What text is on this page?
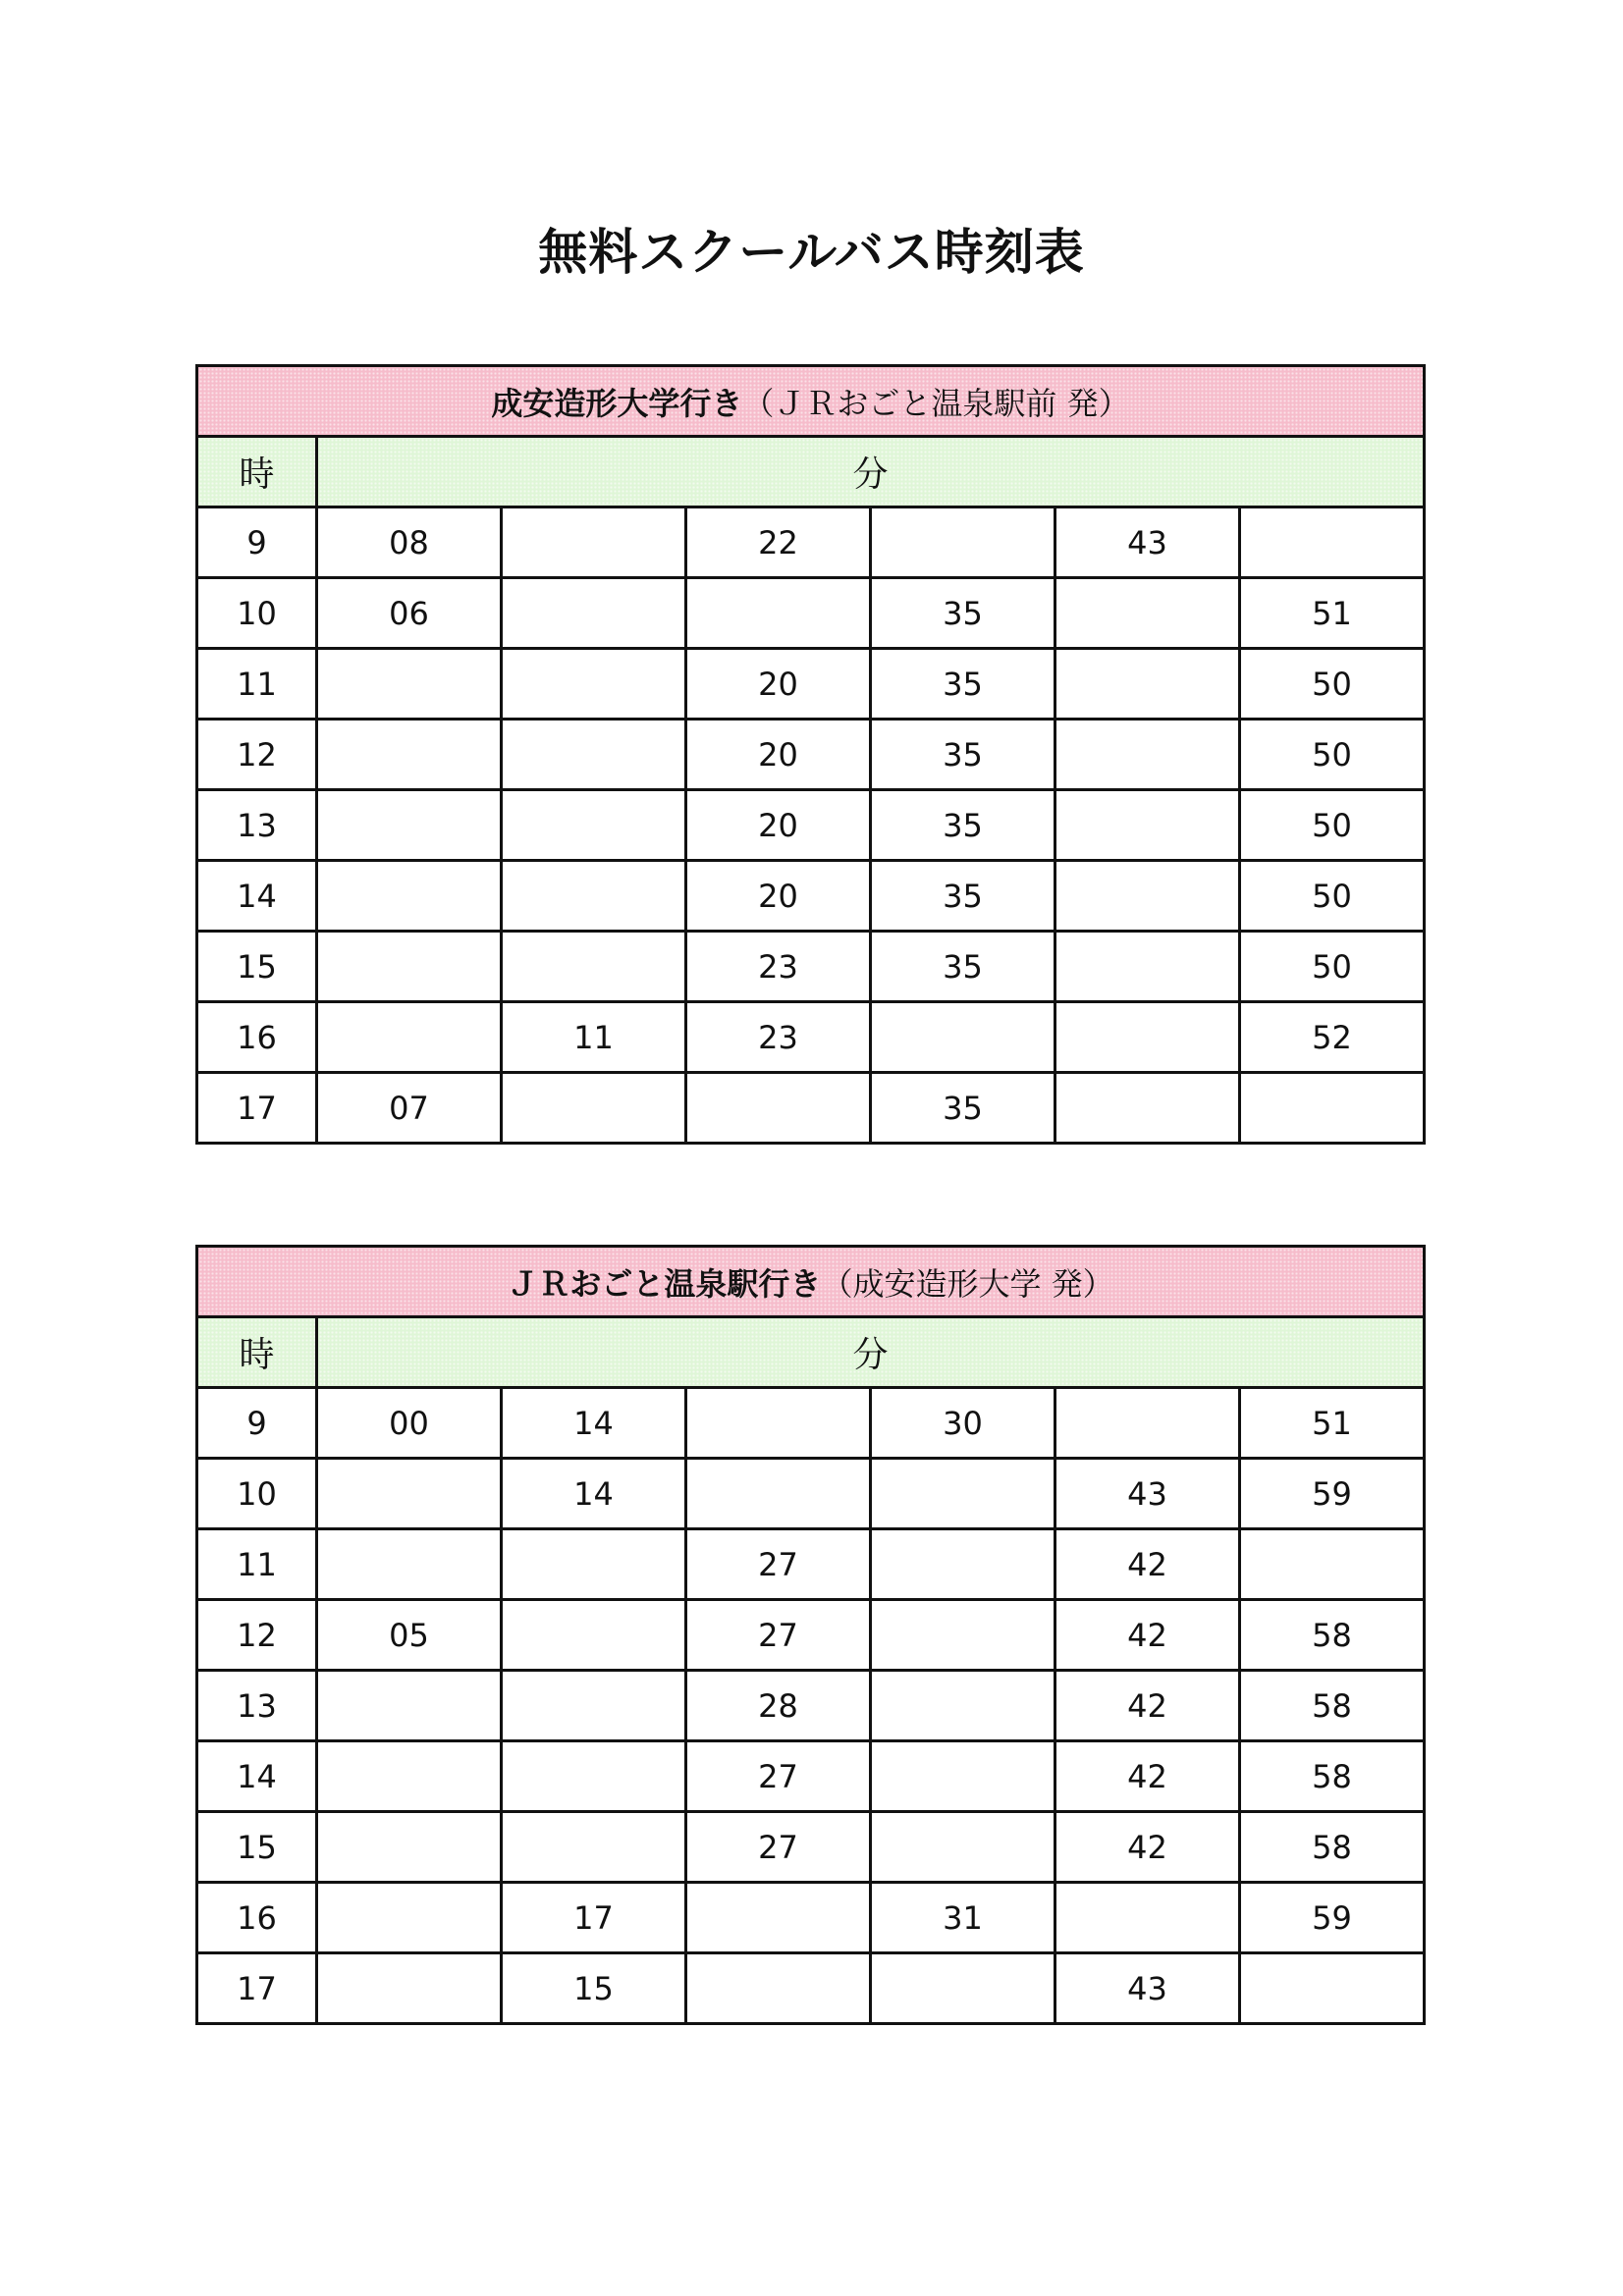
無料スクールバス時刻表
成安造形大学行き（ＪＲおごと温泉駅前 発）						
時	分					
9	08		22		43	
10	06			35		51
11			20	35		50
12			20	35		50
13			20	35		50
14			20	35		50
15			23	35		50
16		11	23			52
17	07			35		
ＪＲおごと温泉駅行き（成安造形大学 発）						
時	分					
9	00	14		30		51
10		14			43	59
11			27		42	
12	05		27		42	58
13			28		42	58
14			27		42	58
15			27		42	58
16		17		31		59
17		15			43	
